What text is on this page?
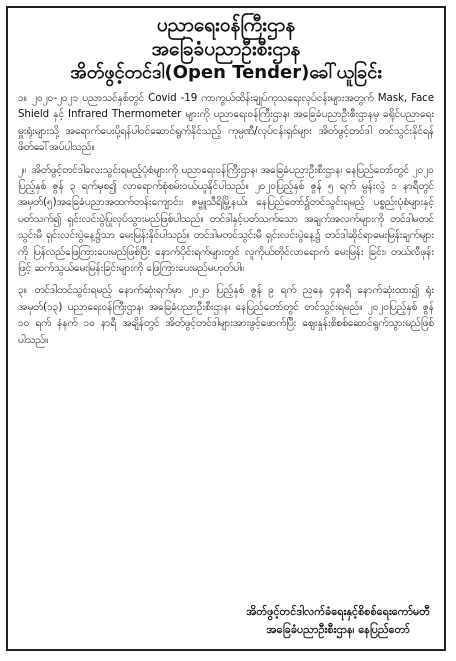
ပညာရေးဝန်ကြီးဌာန
အခြေခံပညာဦးစီးဌာန
အိတ်ဖွင့်တင်ဒါ(Open Tender)ခေါ်ယူခြင်း

၁။ ၂၀၂၀-၂၀၂၁ ပညာသင်နှစ်တွင် Covid -19 ကာကွယ်ထိန်းချုပ်ကုသရေးလုပ်ငန်းများအတွက် Mask, Face Shield နှင့် Infrared Thermometer များကို ပညာရေးဝန်ကြီးဌာန၊ အခြေခံပညာဦးစီးဌာနမှ ခရိုင်ပညာရေးမှူးရုံးများသို့ အရောက်ပေးပို့ရန်ပါဝင်ဆောင်ရွက်နိုင်သည့် ကုမ္ပဏီ/လုပ်ငန်းရှင်များ အိတ်ဖွင့်တင်ဒါ တင်သွင်းနိုင်ရန် ဖိတ်ခေါ်အပ်ပါသည်။

၂။ အိတ်ဖွင့်တင်ဒါလေးသွင်းရမည့်ပုံစံများကို ပညာရေးဝန်ကြီးဌာန၊ အခြေခံပညာဦးစီးဌာန၊ နေပြည်တော်တွင် ၂၀၂၀ ပြည့်နှစ် ဇွန် ၃ ရက်မှစ၍ လာရောက်စုံစမ်းဝယ်ယူနိုင်ပါသည်။ ၂၀၂၀ပြည့်နှစ် ဇွန် ၅ ရက် မွန်းလွဲ ၁ နာရီတွင် အမှတ်(၅)အခြေခံပညာအထက်တန်းကျောင်း၊ ဇမ္ဗူသီရိမြို့နယ်၊ နေပြည်တော်၌တင်သွင်းရမည့် ပစ္စည်းပုံစံများနှင့်ပတ်သက်၍ ရှင်းလင်းပွဲပြုလုပ်သွားမည်ဖြစ်ပါသည်။ တင်ဒါနှင့်ပတ်သက်သော အချက်အလက်များကို တင်ဒါမတင်သွင်းမီ ရှင်းလင်းပွဲနေ့၌သာ မေးမြန်းနိုင်ပါသည်။ တင်ဒါမတင်သွင်းမီ ရှင်းလင်းပွဲနေ့၌ တင်ဒါဆိုင်ရာမေးမြန်းချက်များကို ပြန်လည်ဖြေကြားပေးမည်ဖြစ်ပြီး နောက်ပိုင်းရက်များတွင် လူကိုယ်တိုင်လာရောက် မေးမြန်း ခြင်း၊ တယ်လီဖုန်းဖြင့် ဆက်သွယ်မေးမြန်းခြင်းများကို ဖြေကြားပေးမည်မဟုတ်ပါ။

၃။ တင်ဒါတင်သွင်းရမည့် နောက်ဆုံးရက်မှာ ၂၀၂၀ ပြည့်နှစ် ဇွန် ၉ ရက် ညနေ ၄နာရီ နောက်ဆုံးထား၍ ရုံးအမှတ်(၁၃) ပညာရေးဝန်ကြီးဌာန၊ အခြေခံပညာဦးစီးဌာန၊ နေပြည်တော်တွင် တင်သွင်းရမည်။ ၂၀၂၀ပြည့်နှစ် ဇွန် ၁၀ ရက် နံနက် ၁၀ နာရီ အချိန်တွင် အိတ်ဖွင့်တင်ဒါများအားဖွင့်ဖောက်ပြီး ဈေးနှုန်းစိစစ်ဆောင်ရွက်သွားမည်ဖြစ်ပါသည်။

အိတ်ဖွင့်တင်ဒါလက်ခံရေးနှင့်စိစစ်ရေးကော်မတီ
အခြေခံပညာဦးစီးဌာန၊ နေပြည်တော်
